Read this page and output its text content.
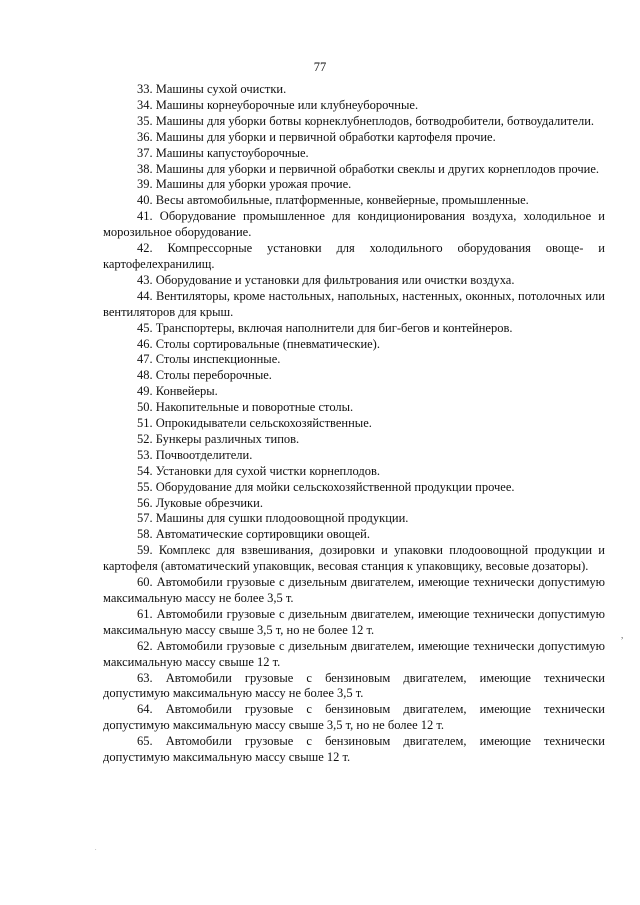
77

33. Машины сухой очистки.

34. Машины корнеуборочные или клубнеуборочные.

35. Машины для уборки ботвы корнеклубнеплодов, ботводробители, ботвоудалители.

36. Машины для уборки и первичной обработки картофеля прочие.

37. Машины капустоуборочные.

38. Машины для уборки и первичной обработки свеклы и других корнеплодов прочие.

39. Машины для уборки урожая прочие.

40. Весы автомобильные, платформенные, конвейерные, промышленные.

41. Оборудование промышленное для кондиционирования воздуха, холодильное и морозильное оборудование.

42. Компрессорные установки для холодильного оборудования овоще- и картофелехранилищ.

43. Оборудование и установки для фильтрования или очистки воздуха.

44. Вентиляторы, кроме настольных, напольных, настенных, оконных, потолочных или вентиляторов для крыш.

45. Транспортеры, включая наполнители для биг-бегов и контейнеров.

46. Столы сортировальные (пневматические).

47. Столы инспекционные.

48. Столы переборочные.

49. Конвейеры.

50. Накопительные и поворотные столы.

51. Опрокидыватели сельскохозяйственные.

52. Бункеры различных типов.

53. Почвоотделители.

54. Установки для сухой чистки корнеплодов.

55. Оборудование для мойки сельскохозяйственной продукции прочее.

56. Луковые обрезчики.

57. Машины для сушки плодоовощной продукции.

58. Автоматические сортировщики овощей.

59. Комплекс для взвешивания, дозировки и упаковки плодоовощной продукции и картофеля (автоматический упаковщик, весовая станция к упаковщику, весовые дозаторы).

60. Автомобили грузовые с дизельным двигателем, имеющие технически допустимую максимальную массу не более 3,5 т.

61. Автомобили грузовые с дизельным двигателем, имеющие технически допустимую максимальную массу свыше 3,5 т, но не более 12 т.

62. Автомобили грузовые с дизельным двигателем, имеющие технически допустимую максимальную массу свыше 12 т.

63. Автомобили грузовые с бензиновым двигателем, имеющие технически допустимую максимальную массу не более 3,5 т.

64. Автомобили грузовые с бензиновым двигателем, имеющие технически допустимую максимальную массу свыше 3,5 т, но не более 12 т.

65. Автомобили грузовые с бензиновым двигателем, имеющие технически допустимую максимальную массу свыше 12 т.

,
.
